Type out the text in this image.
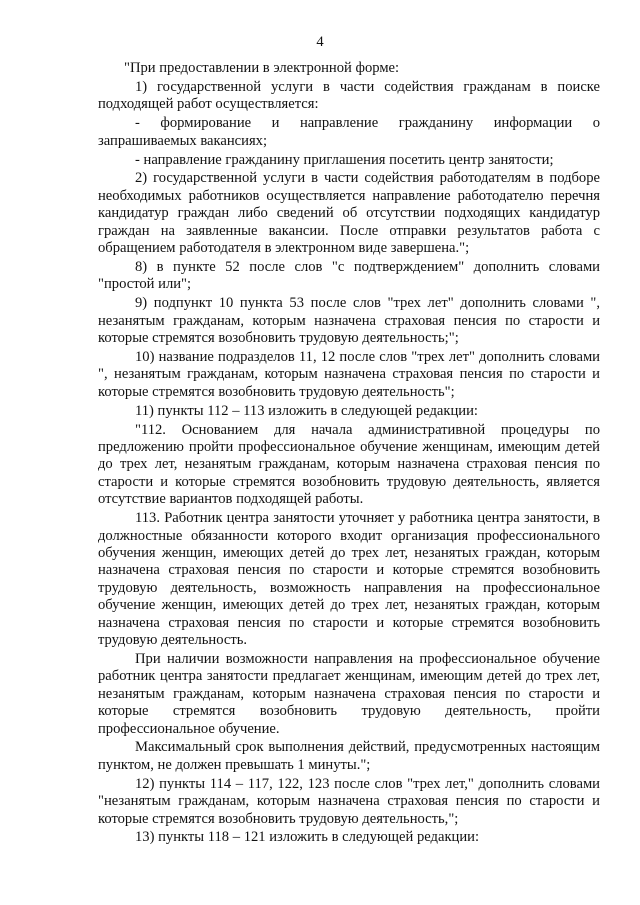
4

"При предоставлении в электронной форме:

1) государственной услуги в части содействия гражданам в поиске подходящей работ осуществляется:

- формирование и направление гражданину информации о запрашиваемых вакансиях;

- направление гражданину приглашения посетить центр занятости;

2) государственной услуги в части содействия работодателям в подборе необходимых работников осуществляется направление работодателю перечня кандидатур граждан либо сведений об отсутствии подходящих кандидатур граждан на заявленные вакансии. После отправки результатов работа с обращением работодателя в электронном виде завершена.";

8) в пункте 52 после слов "с подтверждением" дополнить словами "простой или";

9) подпункт 10 пункта 53 после слов "трех лет" дополнить словами ", незанятым гражданам, которым назначена страховая пенсия по старости и которые стремятся возобновить трудовую деятельность;";

10) название подразделов 11, 12 после слов "трех лет" дополнить словами ", незанятым гражданам, которым назначена страховая пенсия по старости и которые стремятся возобновить трудовую деятельность";

11) пункты 112 – 113 изложить в следующей редакции:

"112. Основанием для начала административной процедуры по предложению пройти профессиональное обучение женщинам, имеющим детей до трех лет, незанятым гражданам, которым назначена страховая пенсия по старости и которые стремятся возобновить трудовую деятельность, является отсутствие вариантов подходящей работы.

113. Работник центра занятости уточняет у работника центра занятости, в должностные обязанности которого входит организация профессионального обучения женщин, имеющих детей до трех лет, незанятых граждан, которым назначена страховая пенсия по старости и которые стремятся возобновить трудовую деятельность, возможность направления на профессиональное обучение женщин, имеющих детей до трех лет, незанятых граждан, которым назначена страховая пенсия по старости и которые стремятся возобновить трудовую деятельность.

При наличии возможности направления на профессиональное обучение работник центра занятости предлагает женщинам, имеющим детей до трех лет, незанятым гражданам, которым назначена страховая пенсия по старости и которые стремятся возобновить трудовую деятельность, пройти профессиональное обучение.

Максимальный срок выполнения действий, предусмотренных настоящим пунктом, не должен превышать 1 минуты.";

12) пункты 114 – 117, 122, 123 после слов "трех лет," дополнить словами "незанятым гражданам, которым назначена страховая пенсия по старости и которые стремятся возобновить трудовую деятельность,";

13) пункты 118 – 121 изложить в следующей редакции:
